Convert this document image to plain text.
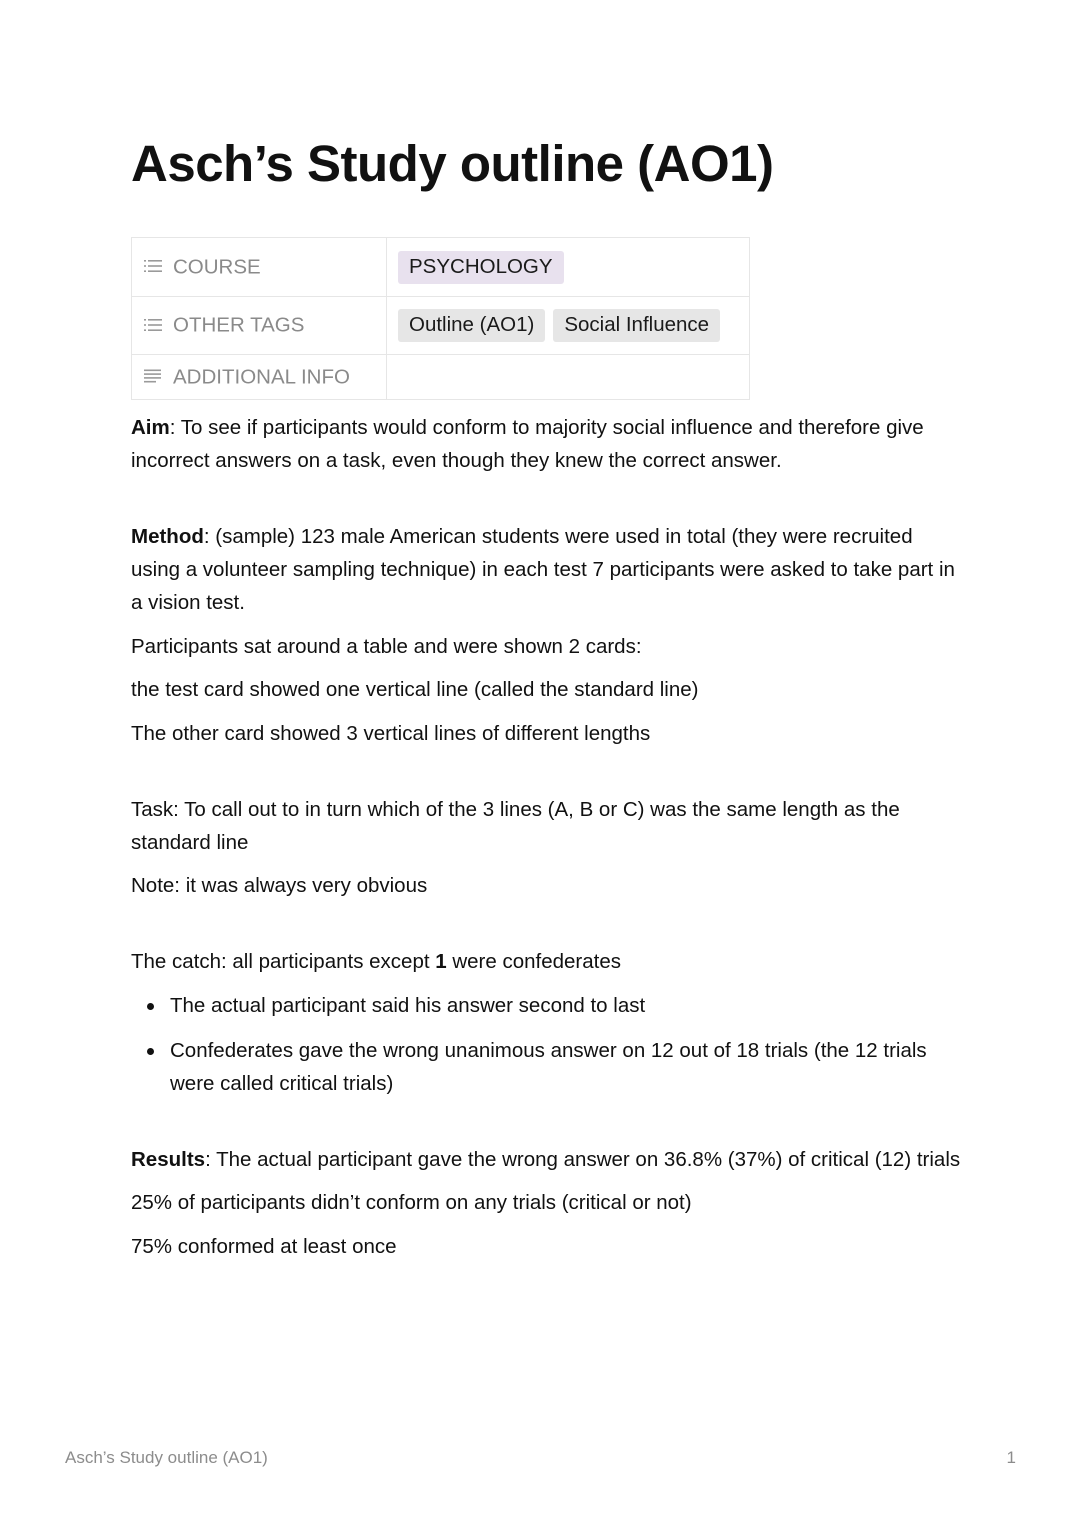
Asch’s Study outline (AO1)
COURSE	PSYCHOLOGY

OTHER TAGS	Outline (AO1) Social Influence

ADDITIONAL INFO	

Aim: To see if participants would conform to majority social influence and therefore give incorrect answers on a task, even though they knew the correct answer.

Method: (sample) 123 male American students were used in total (they were recruited using a volunteer sampling technique) in each test 7 participants were asked to take part in a vision test.

Participants sat around a table and were shown 2 cards:

the test card showed one vertical line (called the standard line)

The other card showed 3 vertical lines of different lengths

Task: To call out to in turn which of the 3 lines (A, B or C) was the same length as the standard line

Note: it was always very obvious

The catch: all participants except 1 were confederates

The actual participant said his answer second to last
Confederates gave the wrong unanimous answer on 12 out of 18 trials (the 12 trials were called critical trials)

Results: The actual participant gave the wrong answer on 36.8% (37%) of critical (12) trials

25% of participants didn’t conform on any trials (critical or not)

75% conformed at least once

Asch’s Study outline (AO1)	1
